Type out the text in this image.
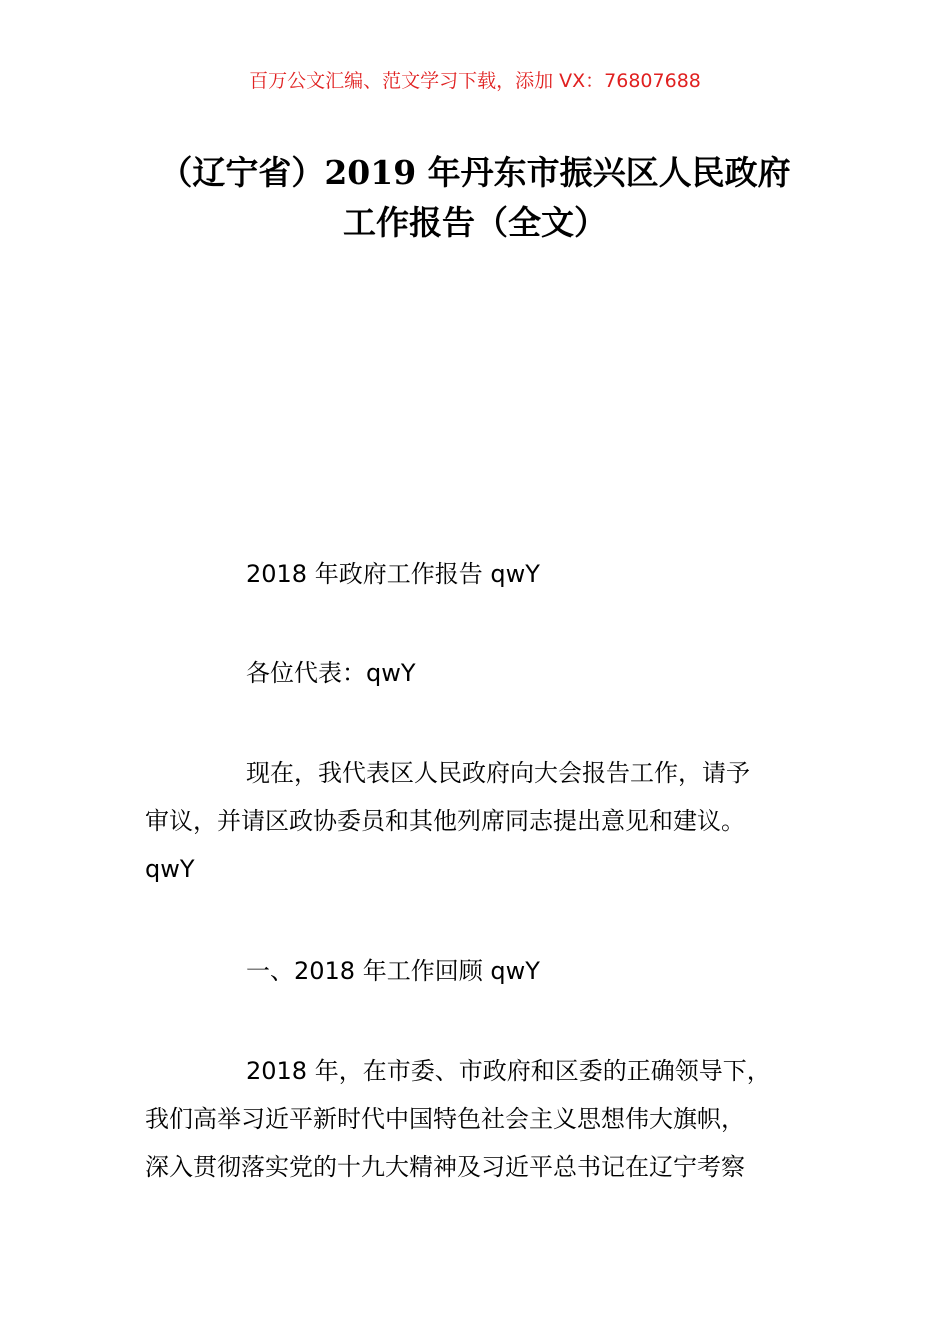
百万公文汇编、范文学习下载，添加 VX：76807688

（辽宁省）2019 年丹东市振兴区人民政府
工作报告（全文）

2018 年政府工作报告 qwY

各位代表：qwY

现在，我代表区人民政府向大会报告工作，请予
审议，并请区政协委员和其他列席同志提出意见和建议。
qwY

一、2018 年工作回顾 qwY

2018 年，在市委、市政府和区委的正确领导下，
我们高举习近平新时代中国特色社会主义思想伟大旗帜，
深入贯彻落实党的十九大精神及习近平总书记在辽宁考察
